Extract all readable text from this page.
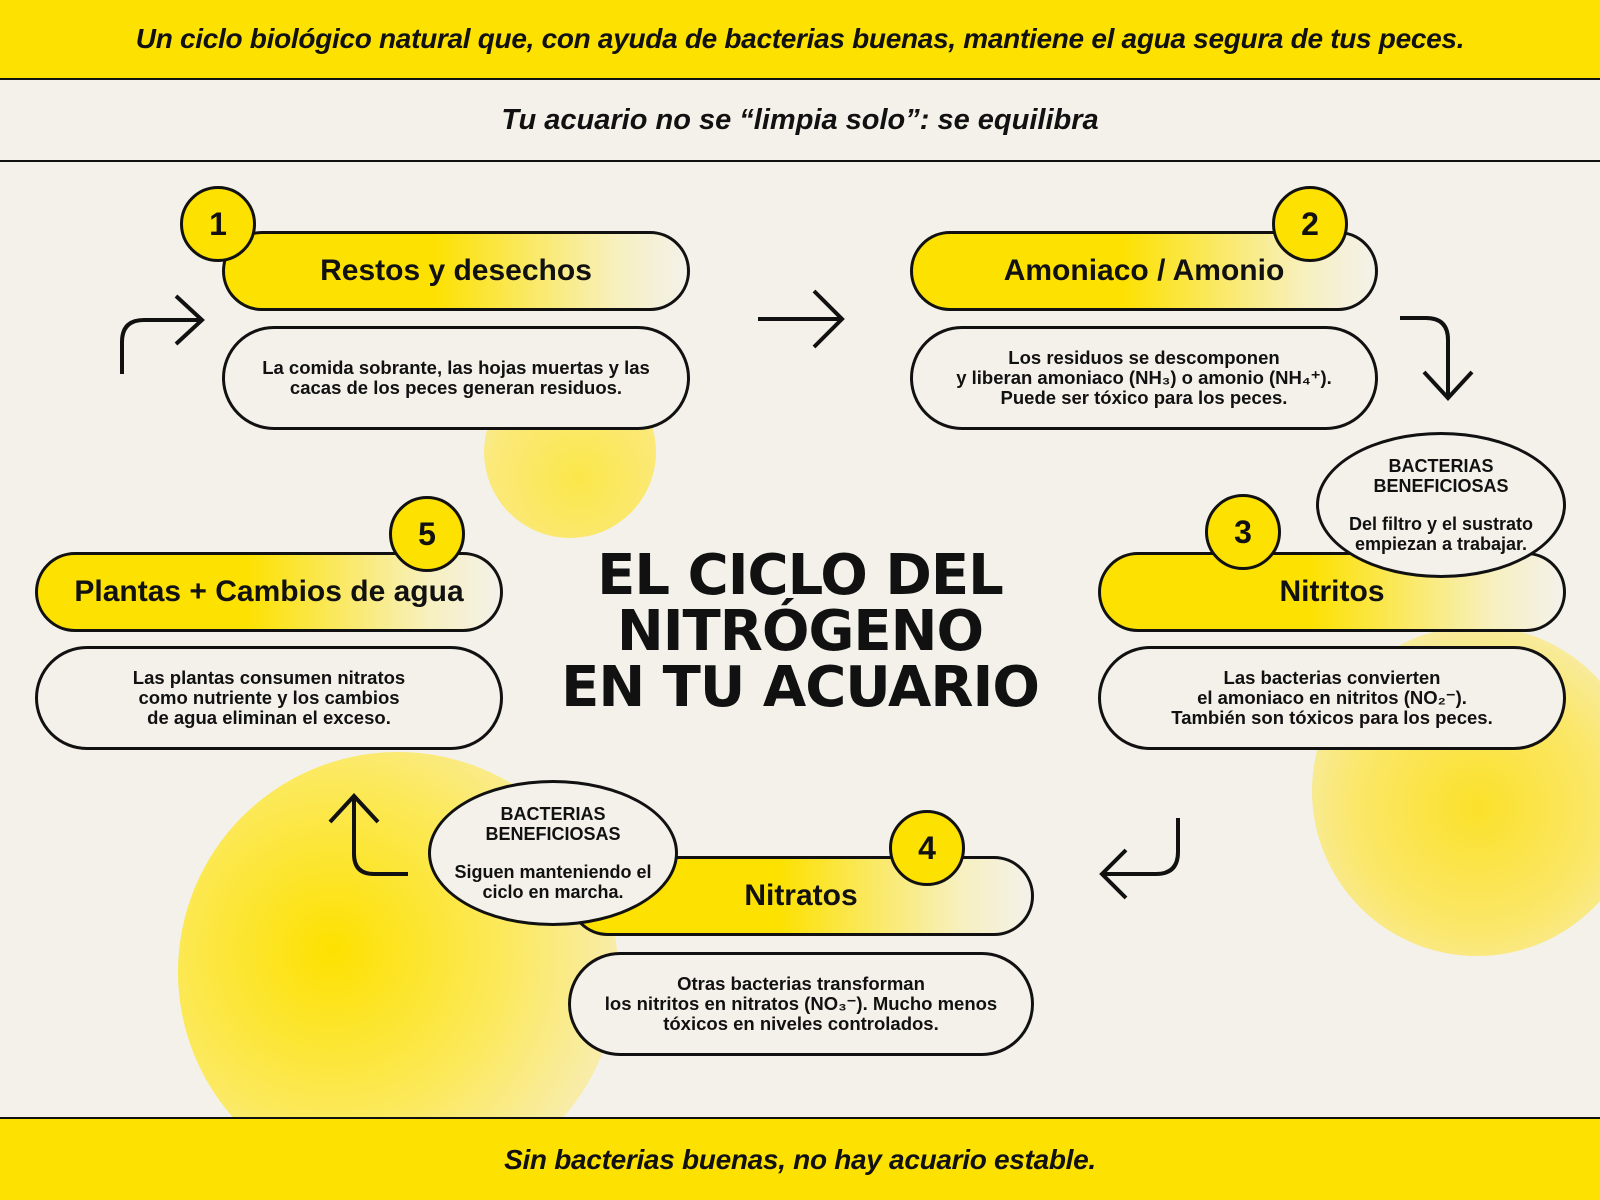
Un ciclo biológico natural que, con ayuda de bacterias buenas, mantiene el agua segura de tus peces.
Tu acuario no se “limpia solo”: se equilibra
Restos y desechos
1
La comida sobrante, las hojas muertas y las
cacas de los peces generan residuos.
Amoniaco / Amonio
2
Los residuos se descomponen
y liberan amoniaco (NH₃) o amonio (NH₄⁺).
Puede ser tóxico para los peces.
Nitritos
3
Las bacterias convierten
el amoniaco en nitritos (NO₂⁻).
También son tóxicos para los peces.
BACTERIAS
BENEFICIOSAS
Del filtro y el sustrato
empiezan a trabajar.
Nitratos
4
Otras bacterias transforman
los nitritos en nitratos (NO₃⁻). Mucho menos
tóxicos en niveles controlados.
BACTERIAS
BENEFICIOSAS
Siguen manteniendo el
ciclo en marcha.
Plantas + Cambios de agua
5
Las plantas consumen nitratos
como nutriente y los cambios
de agua eliminan el exceso.
EL CICLO DEL
NITRÓGENO
EN TU ACUARIO
Sin bacterias buenas, no hay acuario estable.
